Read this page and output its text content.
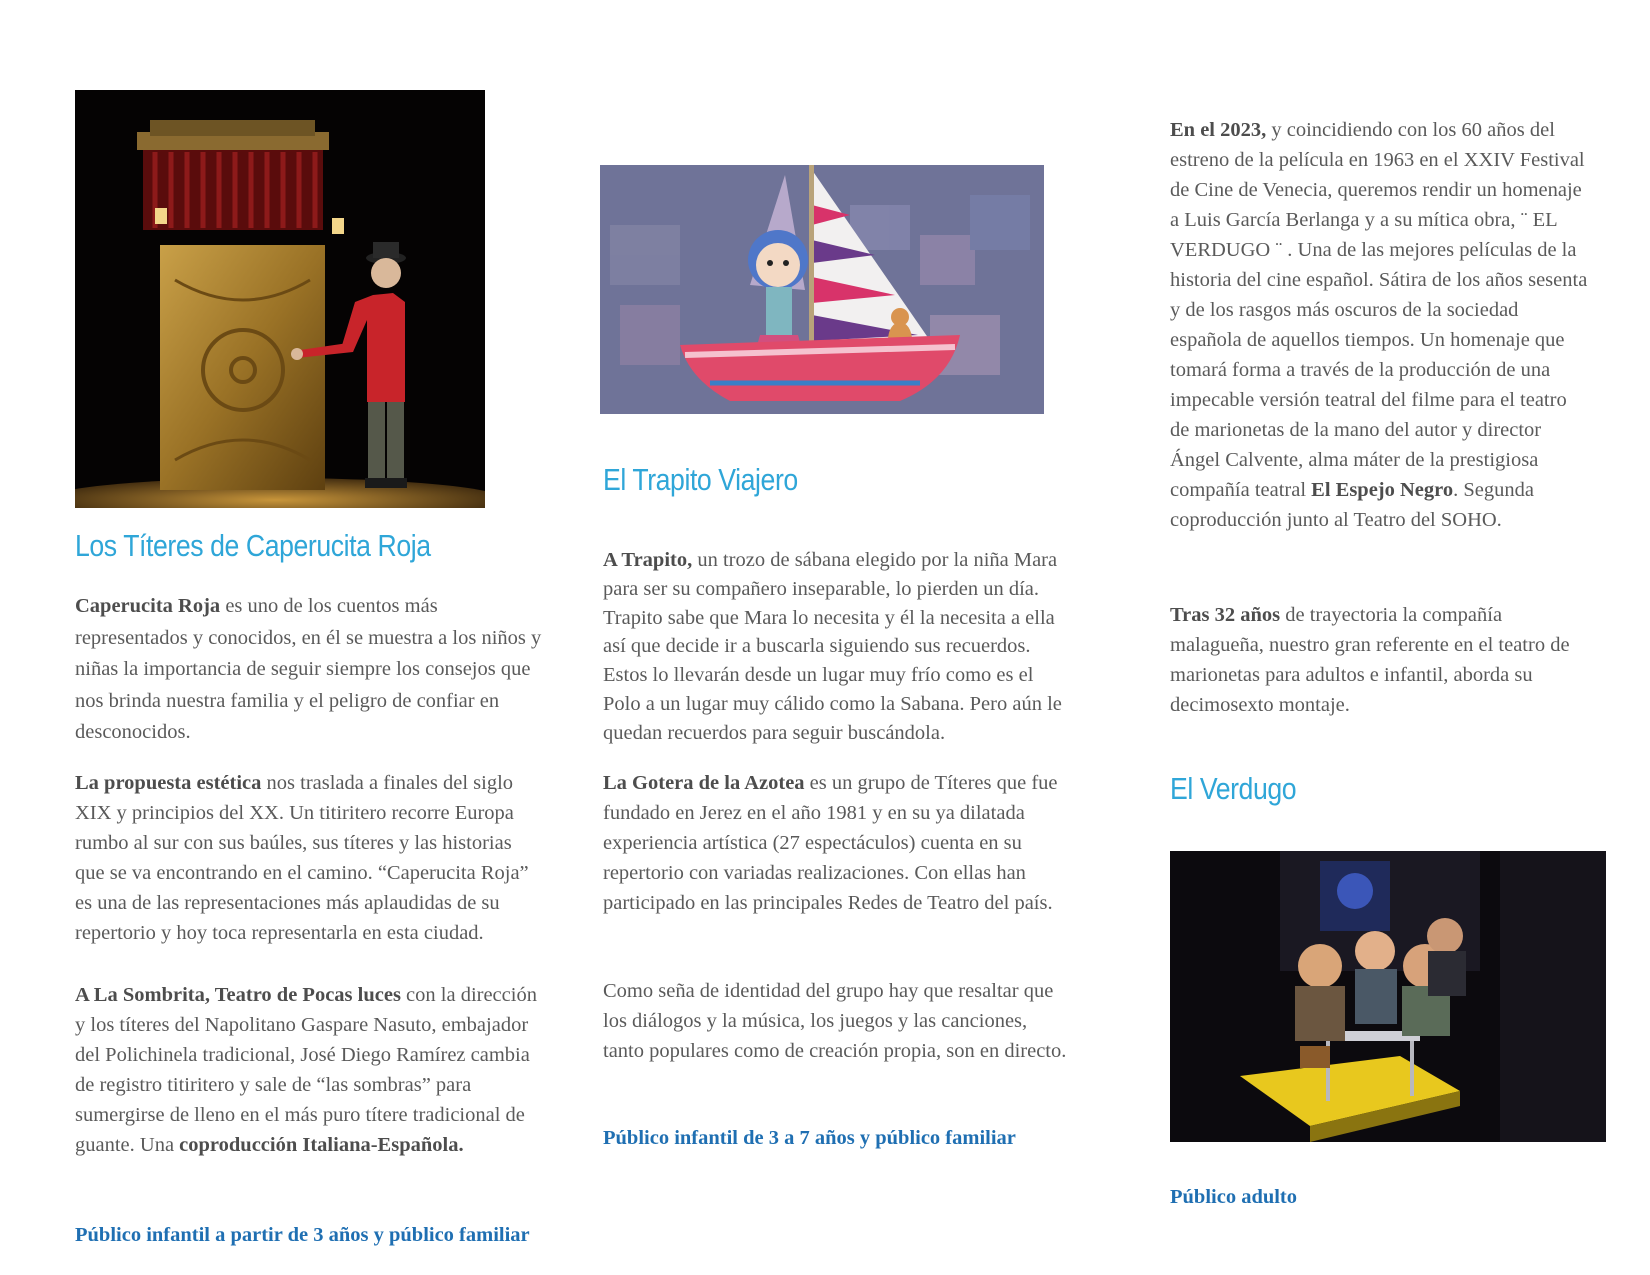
Los Títeres de Caperucita Roja

Caperucita Roja es uno de los cuentos más representados y conocidos, en él se muestra a los niños y niñas la importancia de seguir siempre los consejos que nos brinda nuestra familia y el peligro de confiar en desconocidos.

La propuesta estética nos traslada a finales del siglo XIX y principios del XX. Un titiritero recorre Europa rumbo al sur con sus baúles, sus títeres y las historias que se va encontrando en el camino. “Caperucita Roja” es una de las representaciones más aplaudidas de su repertorio y hoy toca representarla en esta ciudad.

A La Sombrita, Teatro de Pocas luces con la dirección y los títeres del Napolitano Gaspare Nasuto, embajador del Polichinela tradicional, José Diego Ramírez cambia de registro titiritero y sale de “las sombras” para sumergirse de lleno en el más puro títere tradicional de guante. Una coproducción Italiana-Española.

Público infantil a partir de 3 años y público familiar

El Trapito Viajero

A Trapito, un trozo de sábana elegido por la niña Mara para ser su compañero inseparable, lo pierden un día. Trapito sabe que Mara lo necesita y él la necesita a ella así que decide ir a buscarla siguiendo sus recuerdos. Estos lo llevarán desde un lugar muy frío como es el Polo a un lugar muy cálido como la Sabana. Pero aún le quedan recuerdos para seguir buscándola.

La Gotera de la Azotea es un grupo de Títeres que fue fundado en Jerez en el año 1981 y en su ya dilatada experiencia artística (27 espectáculos) cuenta en su repertorio con variadas realizaciones. Con ellas han participado en las principales Redes de Teatro del país.

Como seña de identidad del grupo hay que resaltar que los diálogos y la música, los juegos y las canciones, tanto populares como de creación propia, son en directo.

Público infantil de 3 a 7 años y público familiar

En el 2023, y coincidiendo con los 60 años del estreno de la película en 1963 en el XXIV Festival de Cine de Venecia, queremos rendir un homenaje a Luis García Berlanga y a su mítica obra, ¨ EL VERDUGO ¨ . Una de las mejores películas de la historia del cine español. Sátira de los años sesenta y de los rasgos más oscuros de la sociedad española de aquellos tiempos. Un homenaje que tomará forma a través de la producción de una impecable versión teatral del filme para el teatro de marionetas de la mano del autor y director Ángel Calvente, alma máter de la prestigiosa compañía teatral El Espejo Negro. Segunda coproducción junto al Teatro del SOHO.

Tras 32 años de trayectoria la compañía malagueña, nuestro gran referente en el teatro de marionetas para adultos e infantil, aborda su decimosexto montaje.

El Verdugo

Público adulto
